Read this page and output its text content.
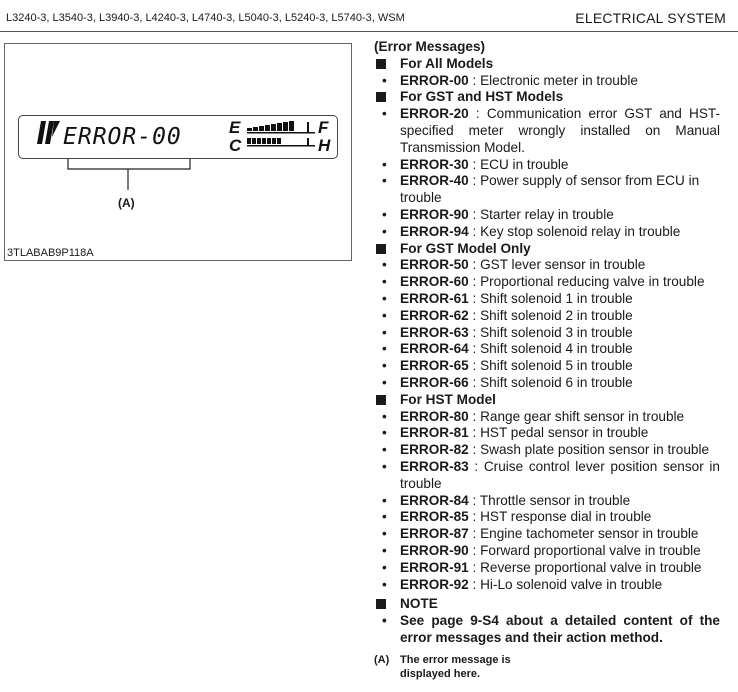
L3240-3, L3540-3, L3940-3, L4240-3, L4740-3, L5040-3, L5240-3, L5740-3, WSM	ELECTRICAL SYSTEM
ERROR-00	E
C
F
H
(A)
3TLABAB9P118A
(Error Messages)
For All Models
• ERROR-00 : Electronic meter in trouble
For GST and HST Models
• ERROR-20 : Communication error GST and HST-specified meter wrongly installed on Manual Transmission Model.
• ERROR-30 : ECU in trouble
• ERROR-40 : Power supply of sensor from ECU in trouble
• ERROR-90 : Starter relay in trouble
• ERROR-94 : Key stop solenoid relay in trouble
For GST Model Only
• ERROR-50 : GST lever sensor in trouble
• ERROR-60 : Proportional reducing valve in trouble
• ERROR-61 : Shift solenoid 1 in trouble
• ERROR-62 : Shift solenoid 2 in trouble
• ERROR-63 : Shift solenoid 3 in trouble
• ERROR-64 : Shift solenoid 4 in trouble
• ERROR-65 : Shift solenoid 5 in trouble
• ERROR-66 : Shift solenoid 6 in trouble
For HST Model
• ERROR-80 : Range gear shift sensor in trouble
• ERROR-81 : HST pedal sensor in trouble
• ERROR-82 : Swash plate position sensor in trouble
• ERROR-83 : Cruise control lever position sensor in trouble
• ERROR-84 : Throttle sensor in trouble
• ERROR-85 : HST response dial in trouble
• ERROR-87 : Engine tachometer sensor in trouble
• ERROR-90 : Forward proportional valve in trouble
• ERROR-91 : Reverse proportional valve in trouble
• ERROR-92 : Hi-Lo solenoid valve in trouble
NOTE
• See page 9-S4 about a detailed content of the error messages and their action method.
(A) The error message is
displayed here.
